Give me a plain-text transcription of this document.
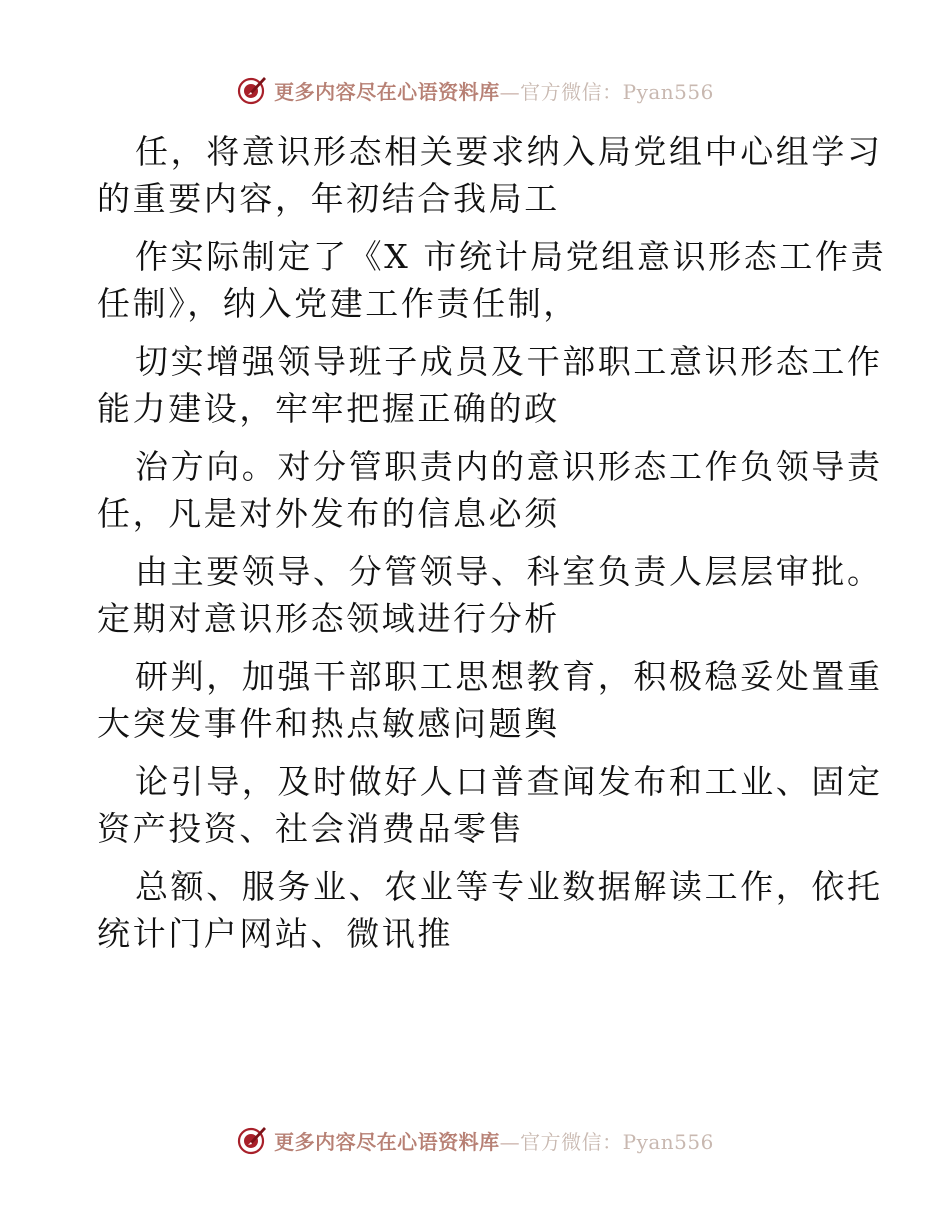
更多内容尽在心语资料库—官方微信：Pyan556
任，将意识形态相关要求纳入局党组中心组学习
的重要内容，年初结合我局工
作实际制定了《X 市统计局党组意识形态工作责
任制》，纳入党建工作责任制，
切实增强领导班子成员及干部职工意识形态工作
能力建设，牢牢把握正确的政
治方向。对分管职责内的意识形态工作负领导责
任，凡是对外发布的信息必须
由主要领导、分管领导、科室负责人层层审批。
定期对意识形态领域进行分析
研判，加强干部职工思想教育，积极稳妥处置重
大突发事件和热点敏感问题舆
论引导，及时做好人口普查闻发布和工业、固定
资产投资、社会消费品零售
总额、服务业、农业等专业数据解读工作，依托
统计门户网站、微讯推
更多内容尽在心语资料库—官方微信：Pyan556
